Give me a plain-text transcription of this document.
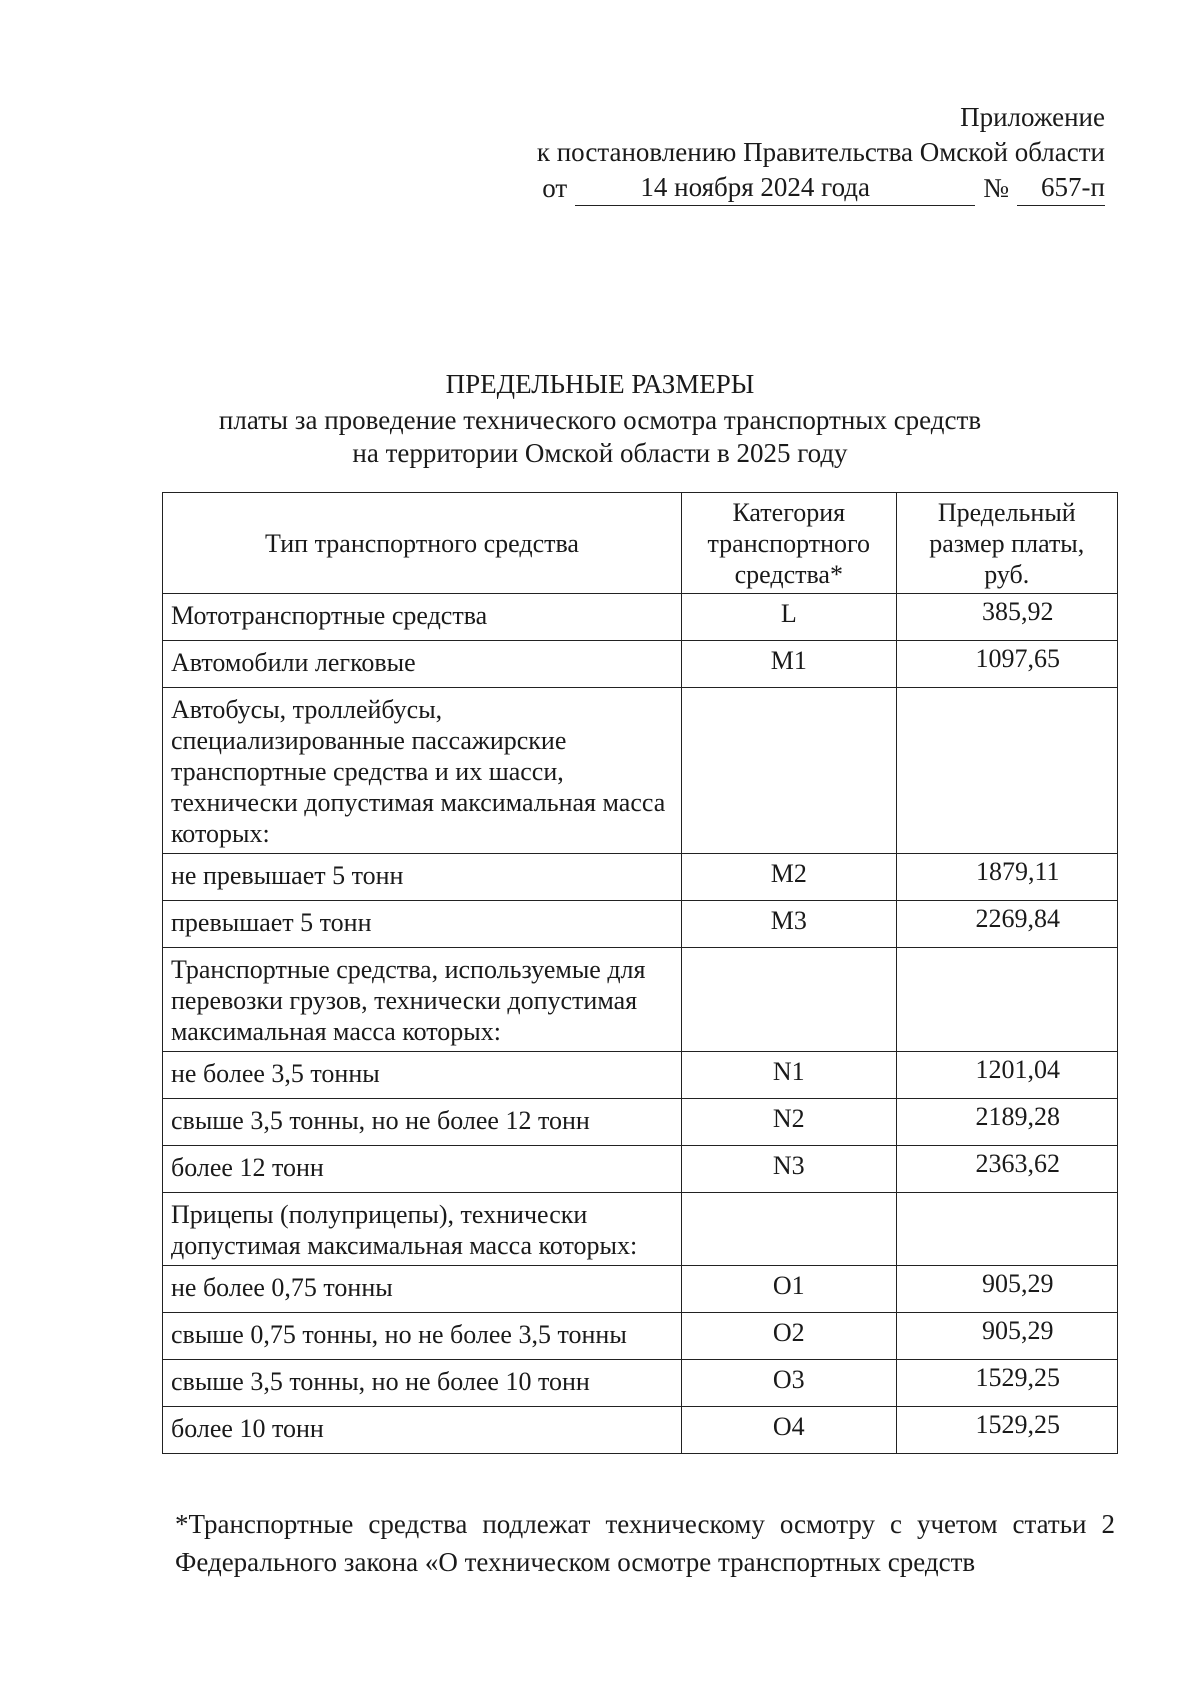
Приложение
к постановлению Правительства Омской области
от	14 ноября 2024 года	№	657-п
ПРЕДЕЛЬНЫЕ РАЗМЕРЫ
платы за проведение технического осмотра транспортных средств
на территории Омской области в 2025 году
Тип транспортного средства	Категория транспортного средства*	Предельный размер платы, руб.

Мототранспортные средства	L	385,92
Автомобили легковые	M1	1097,65
Автобусы, троллейбусы, специализированные пассажирские транспортные средства и их шасси, технически допустимая максимальная масса которых:		
не превышает 5 тонн	M2	1879,11
превышает 5 тонн	M3	2269,84
Транспортные средства, используемые для перевозки грузов, технически допустимая максимальная масса которых:		
не более 3,5 тонны	N1	1201,04
свыше 3,5 тонны, но не более 12 тонн	N2	2189,28
более 12 тонн	N3	2363,62
Прицепы (полуприцепы), технически допустимая максимальная масса которых:		
не более 0,75 тонны	O1	905,29
свыше 0,75 тонны, но не более 3,5 тонны	O2	905,29
свыше 3,5 тонны, но не более 10 тонн	O3	1529,25
более 10 тонн	O4	1529,25
*Транспортные средства подлежат техническому осмотру с учетом статьи 2 Федерального закона «О техническом осмотре транспортных средств
